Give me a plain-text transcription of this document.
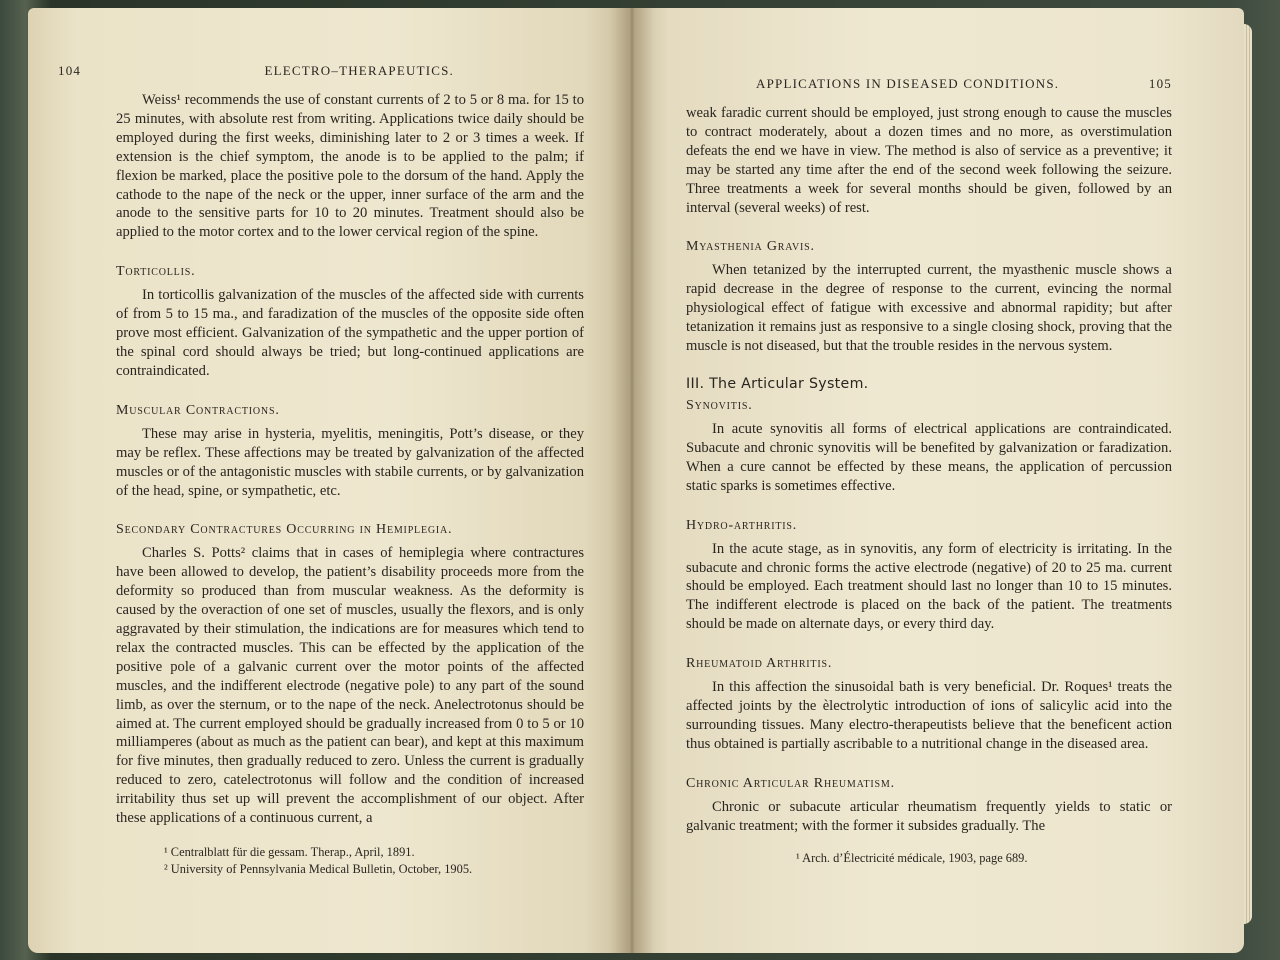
104	ELECTRO–THERAPEUTICS.

Weiss¹ recommends the use of constant currents of 2 to 5 or 8 ma. for 15 to 25 minutes, with absolute rest from writing. Applications twice daily should be employed during the first weeks, diminishing later to 2 or 3 times a week. If extension is the chief symptom, the anode is to be applied to the palm; if flexion be marked, place the positive pole to the dorsum of the hand. Apply the cathode to the nape of the neck or the upper, inner surface of the arm and the anode to the sensitive parts for 10 to 20 minutes. Treatment should also be applied to the motor cortex and to the lower cervical region of the spine.

Torticollis.

In torticollis galvanization of the muscles of the affected side with currents of from 5 to 15 ma., and faradization of the muscles of the opposite side often prove most efficient. Galvanization of the sympathetic and the upper portion of the spinal cord should always be tried; but long-continued applications are contraindicated.

Muscular Contractions.

These may arise in hysteria, myelitis, meningitis, Pott’s disease, or they may be reflex. These affections may be treated by galvanization of the affected muscles or of the antagonistic muscles with stabile currents, or by galvanization of the head, spine, or sympathetic, etc.

Secondary Contractures Occurring in Hemiplegia.

Charles S. Potts² claims that in cases of hemiplegia where contractures have been allowed to develop, the patient’s disability proceeds more from the deformity so produced than from muscular weakness. As the deformity is caused by the overaction of one set of muscles, usually the flexors, and is only aggravated by their stimulation, the indications are for measures which tend to relax the contracted muscles. This can be effected by the application of the positive pole of a galvanic current over the motor points of the affected muscles, and the indifferent electrode (negative pole) to any part of the sound limb, as over the sternum, or to the nape of the neck. Anelectrotonus should be aimed at. The current employed should be gradually increased from 0 to 5 or 10 milliamperes (about as much as the patient can bear), and kept at this maximum for five minutes, then gradually reduced to zero. Unless the current is gradually reduced to zero, catelectrotonus will follow and the condition of increased irritability thus set up will prevent the accomplishment of our object. After these applications of a continuous current, a

¹ Centralblatt für die gessam. Therap., April, 1891.
² University of Pennsylvania Medical Bulletin, October, 1905.
APPLICATIONS IN DISEASED CONDITIONS.	105

weak faradic current should be employed, just strong enough to cause the muscles to contract moderately, about a dozen times and no more, as overstimulation defeats the end we have in view. The method is also of service as a preventive; it may be started any time after the end of the second week following the seizure. Three treatments a week for several months should be given, followed by an interval (several weeks) of rest.

Myasthenia Gravis.

When tetanized by the interrupted current, the myasthenic muscle shows a rapid decrease in the degree of response to the current, evincing the normal physiological effect of fatigue with excessive and abnormal rapidity; but after tetanization it remains just as responsive to a single closing shock, proving that the muscle is not diseased, but that the trouble resides in the nervous system.

III. The Articular System.
Synovitis.

In acute synovitis all forms of electrical applications are contraindicated. Subacute and chronic synovitis will be benefited by galvanization or faradization. When a cure cannot be effected by these means, the application of percussion static sparks is sometimes effective.

Hydro-arthritis.

In the acute stage, as in synovitis, any form of electricity is irritating. In the subacute and chronic forms the active electrode (negative) of 20 to 25 ma. current should be employed. Each treatment should last no longer than 10 to 15 minutes. The indifferent electrode is placed on the back of the patient. The treatments should be made on alternate days, or every third day.

Rheumatoid Arthritis.

In this affection the sinusoidal bath is very beneficial. Dr. Roques¹ treats the affected joints by the èlectrolytic introduction of ions of salicylic acid into the surrounding tissues. Many electro-therapeutists believe that the beneficent action thus obtained is partially ascribable to a nutritional change in the diseased area.

Chronic Articular Rheumatism.

Chronic or subacute articular rheumatism frequently yields to static or galvanic treatment; with the former it subsides gradually. The

¹ Arch. d’Électricité médicale, 1903, page 689.
